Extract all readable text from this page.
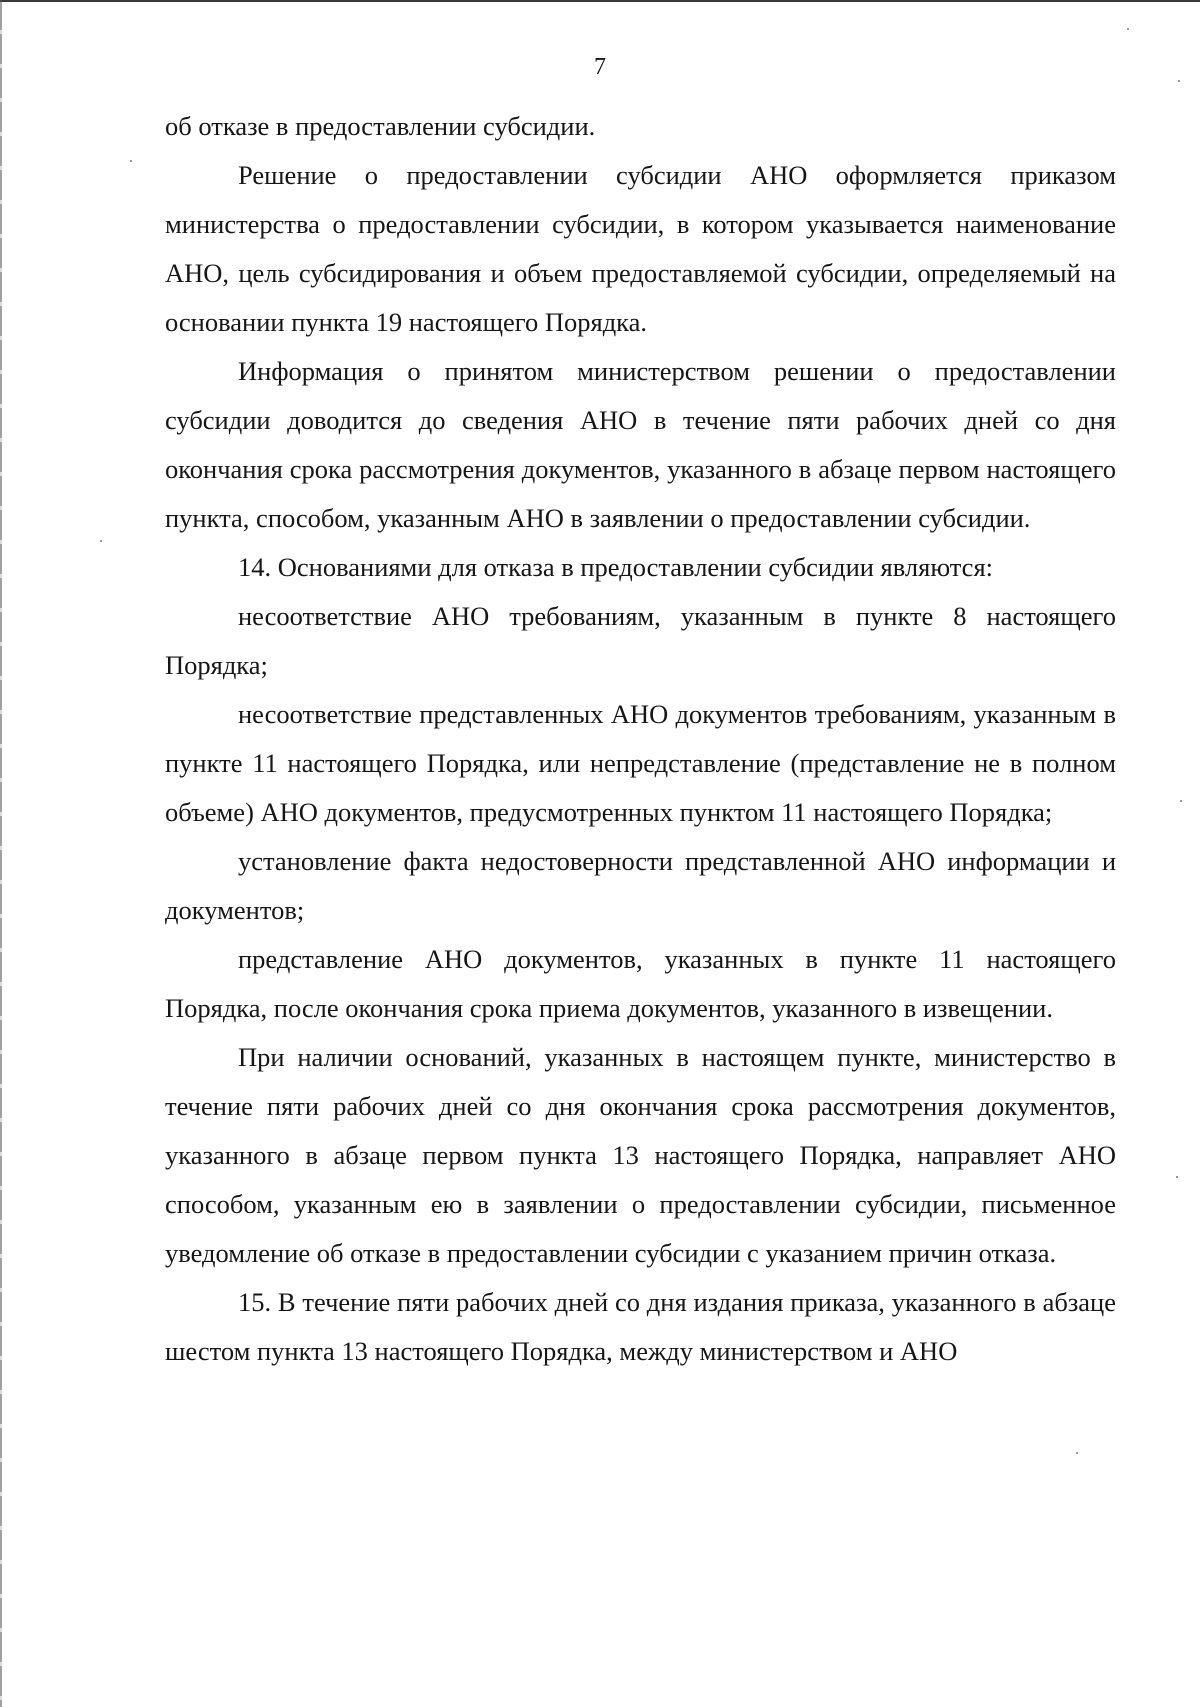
7

об отказе в предоставлении субсидии.

Решение о предоставлении субсидии АНО оформляется приказом министерства о предоставлении субсидии, в котором указывается наименование АНО, цель субсидирования и объем предоставляемой субсидии, определяемый на основании пункта 19 настоящего Порядка.

Информация о принятом министерством решении о предоставлении субсидии доводится до сведения АНО в течение пяти рабочих дней со дня окончания срока рассмотрения документов, указанного в абзаце первом настоящего пункта, способом, указанным АНО в заявлении о предоставлении субсидии.

14. Основаниями для отказа в предоставлении субсидии являются:

несоответствие АНО требованиям, указанным в пункте 8 настоящего Порядка;

несоответствие представленных АНО документов требованиям, указанным в пункте 11 настоящего Порядка, или непредставление (представление не в полном объеме) АНО документов, предусмотренных пунктом 11 настоящего Порядка;

установление факта недостоверности представленной АНО информации и документов;

представление АНО документов, указанных в пункте 11 настоящего Порядка, после окончания срока приема документов, указанного в извещении.

При наличии оснований, указанных в настоящем пункте, министерство в течение пяти рабочих дней со дня окончания срока рассмотрения документов, указанного в абзаце первом пункта 13 настоящего Порядка, направляет АНО способом, указанным ею в заявлении о предоставлении субсидии, письменное уведомление об отказе в предоставлении субсидии с указанием причин отказа.

15. В течение пяти рабочих дней со дня издания приказа, указанного в абзаце шестом пункта 13 настоящего Порядка, между министерством и АНО
